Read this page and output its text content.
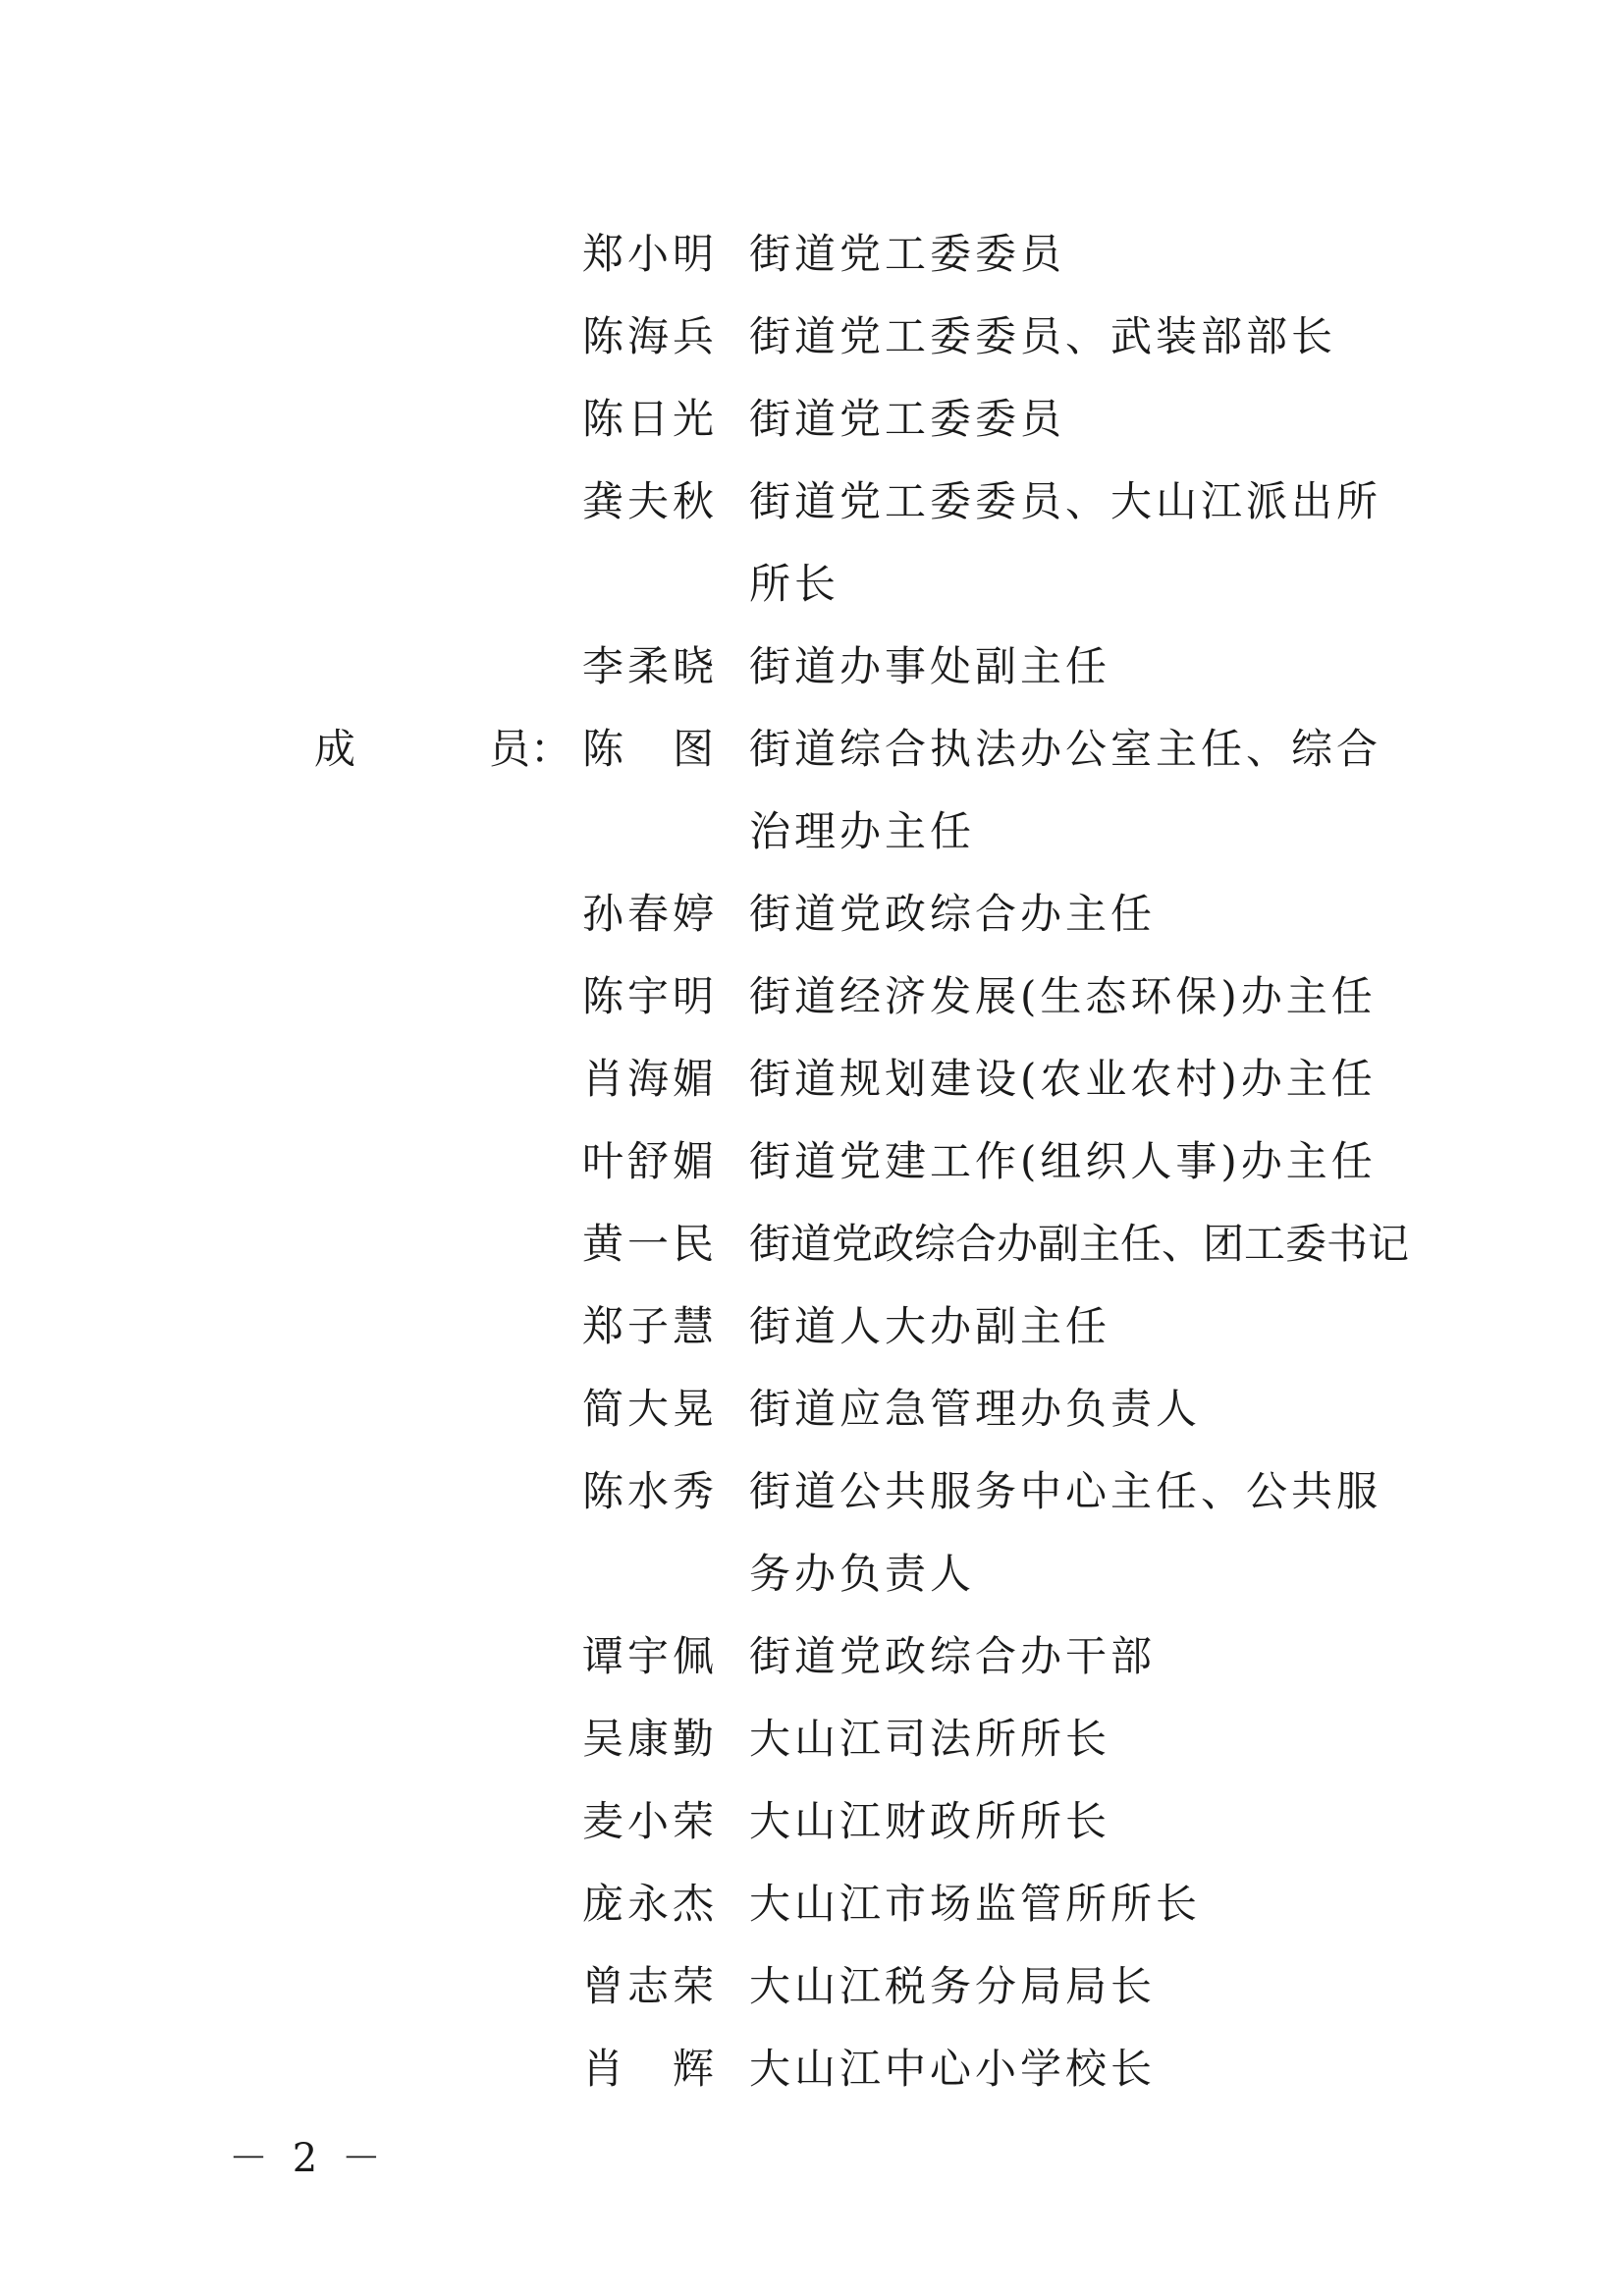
郑小明 街道党工委委员
陈海兵 街道党工委委员、武装部部长
陈日光 街道党工委委员
龚夫秋 街道党工委委员、大山江派出所
所长
李柔晓 街道办事处副主任
成	员： 陈　图 街道综合执法办公室主任、综合
治理办主任
孙春婷 街道党政综合办主任
陈宇明 街道经济发展(生态环保)办主任
肖海媚 街道规划建设(农业农村)办主任
叶舒媚 街道党建工作(组织人事)办主任
黄一民 街道党政综合办副主任、团工委书记
郑子慧 街道人大办副主任
简大晃 街道应急管理办负责人
陈水秀 街道公共服务中心主任、公共服
务办负责人
谭宇佩 街道党政综合办干部
吴康勤 大山江司法所所长
麦小荣 大山江财政所所长
庞永杰 大山江市场监管所所长
曾志荣 大山江税务分局局长
肖　辉 大山江中心小学校长
－ 2 －
